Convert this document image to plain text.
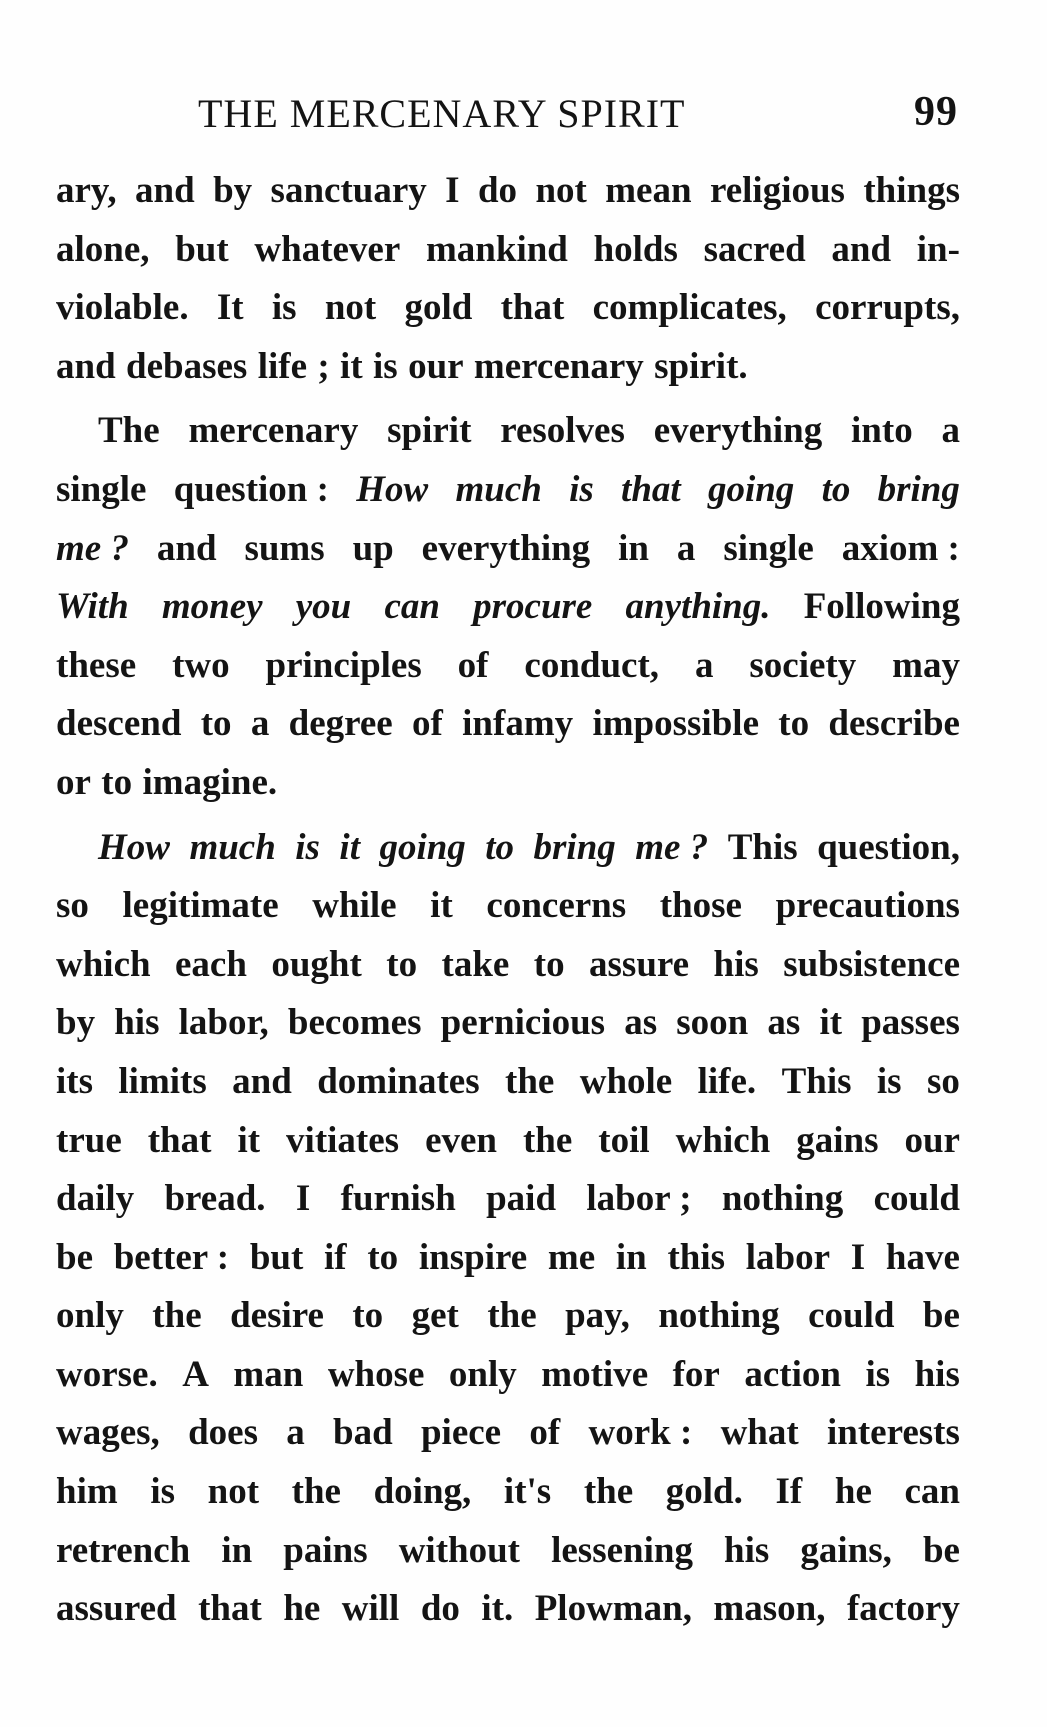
THE MERCENARY SPIRIT	99
ary, and by sanctuary I do not mean religious things
alone, but whatever mankind holds sacred and in-
violable. It is not gold that complicates, corrupts,
and debases life ; it is our mercenary spirit.
The mercenary spirit resolves everything into a
single question : How much is that going to bring
me ? and sums up everything in a single axiom :
With money you can procure anything. Following
these two principles of conduct, a society may
descend to a degree of infamy impossible to describe
or to imagine.
How much is it going to bring me ? This question,
so legitimate while it concerns those precautions
which each ought to take to assure his subsistence
by his labor, becomes pernicious as soon as it passes
its limits and dominates the whole life. This is so
true that it vitiates even the toil which gains our
daily bread. I furnish paid labor ; nothing could
be better : but if to inspire me in this labor I have
only the desire to get the pay, nothing could be
worse. A man whose only motive for action is his
wages, does a bad piece of work : what interests
him is not the doing, it's the gold. If he can
retrench in pains without lessening his gains, be
assured that he will do it. Plowman, mason, factory
